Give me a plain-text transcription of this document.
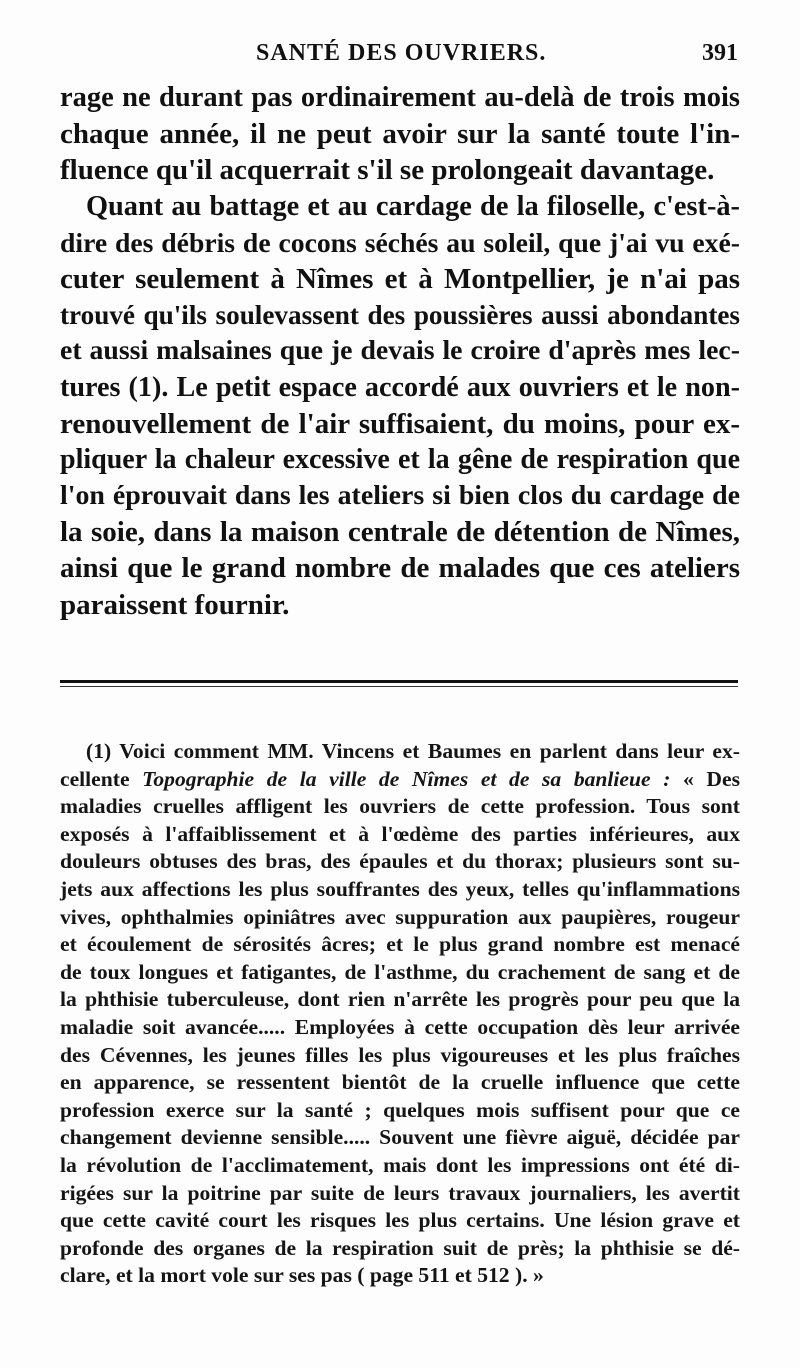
SANTÉ DES OUVRIERS.	391
rage ne durant pas ordinairement au-delà de trois mois
chaque année, il ne peut avoir sur la santé toute l'in-
fluence qu'il acquerrait s'il se prolongeait davantage.
Quant au battage et au cardage de la filoselle, c'est-à-
dire des débris de cocons séchés au soleil, que j'ai vu exé-
cuter seulement à Nîmes et à Montpellier, je n'ai pas
trouvé qu'ils soulevassent des poussières aussi abondantes
et aussi malsaines que je devais le croire d'après mes lec-
tures (1). Le petit espace accordé aux ouvriers et le non-
renouvellement de l'air suffisaient, du moins, pour ex-
pliquer la chaleur excessive et la gêne de respiration que
l'on éprouvait dans les ateliers si bien clos du cardage de
la soie, dans la maison centrale de détention de Nîmes,
ainsi que le grand nombre de malades que ces ateliers
paraissent fournir.
(1) Voici comment MM. Vincens et Baumes en parlent dans leur ex-
cellente Topographie de la ville de Nîmes et de sa banlieue : « Des
maladies cruelles affligent les ouvriers de cette profession. Tous sont
exposés à l'affaiblissement et à l'œdème des parties inférieures, aux
douleurs obtuses des bras, des épaules et du thorax; plusieurs sont su-
jets aux affections les plus souffrantes des yeux, telles qu'inflammations
vives, ophthalmies opiniâtres avec suppuration aux paupières, rougeur
et écoulement de sérosités âcres; et le plus grand nombre est menacé
de toux longues et fatigantes, de l'asthme, du crachement de sang et de
la phthisie tuberculeuse, dont rien n'arrête les progrès pour peu que la
maladie soit avancée..... Employées à cette occupation dès leur arrivée
des Cévennes, les jeunes filles les plus vigoureuses et les plus fraîches
en apparence, se ressentent bientôt de la cruelle influence que cette
profession exerce sur la santé ; quelques mois suffisent pour que ce
changement devienne sensible..... Souvent une fièvre aiguë, décidée par
la révolution de l'acclimatement, mais dont les impressions ont été di-
rigées sur la poitrine par suite de leurs travaux journaliers, les avertit
que cette cavité court les risques les plus certains. Une lésion grave et
profonde des organes de la respiration suit de près; la phthisie se dé-
clare, et la mort vole sur ses pas ( page 511 et 512 ). »
